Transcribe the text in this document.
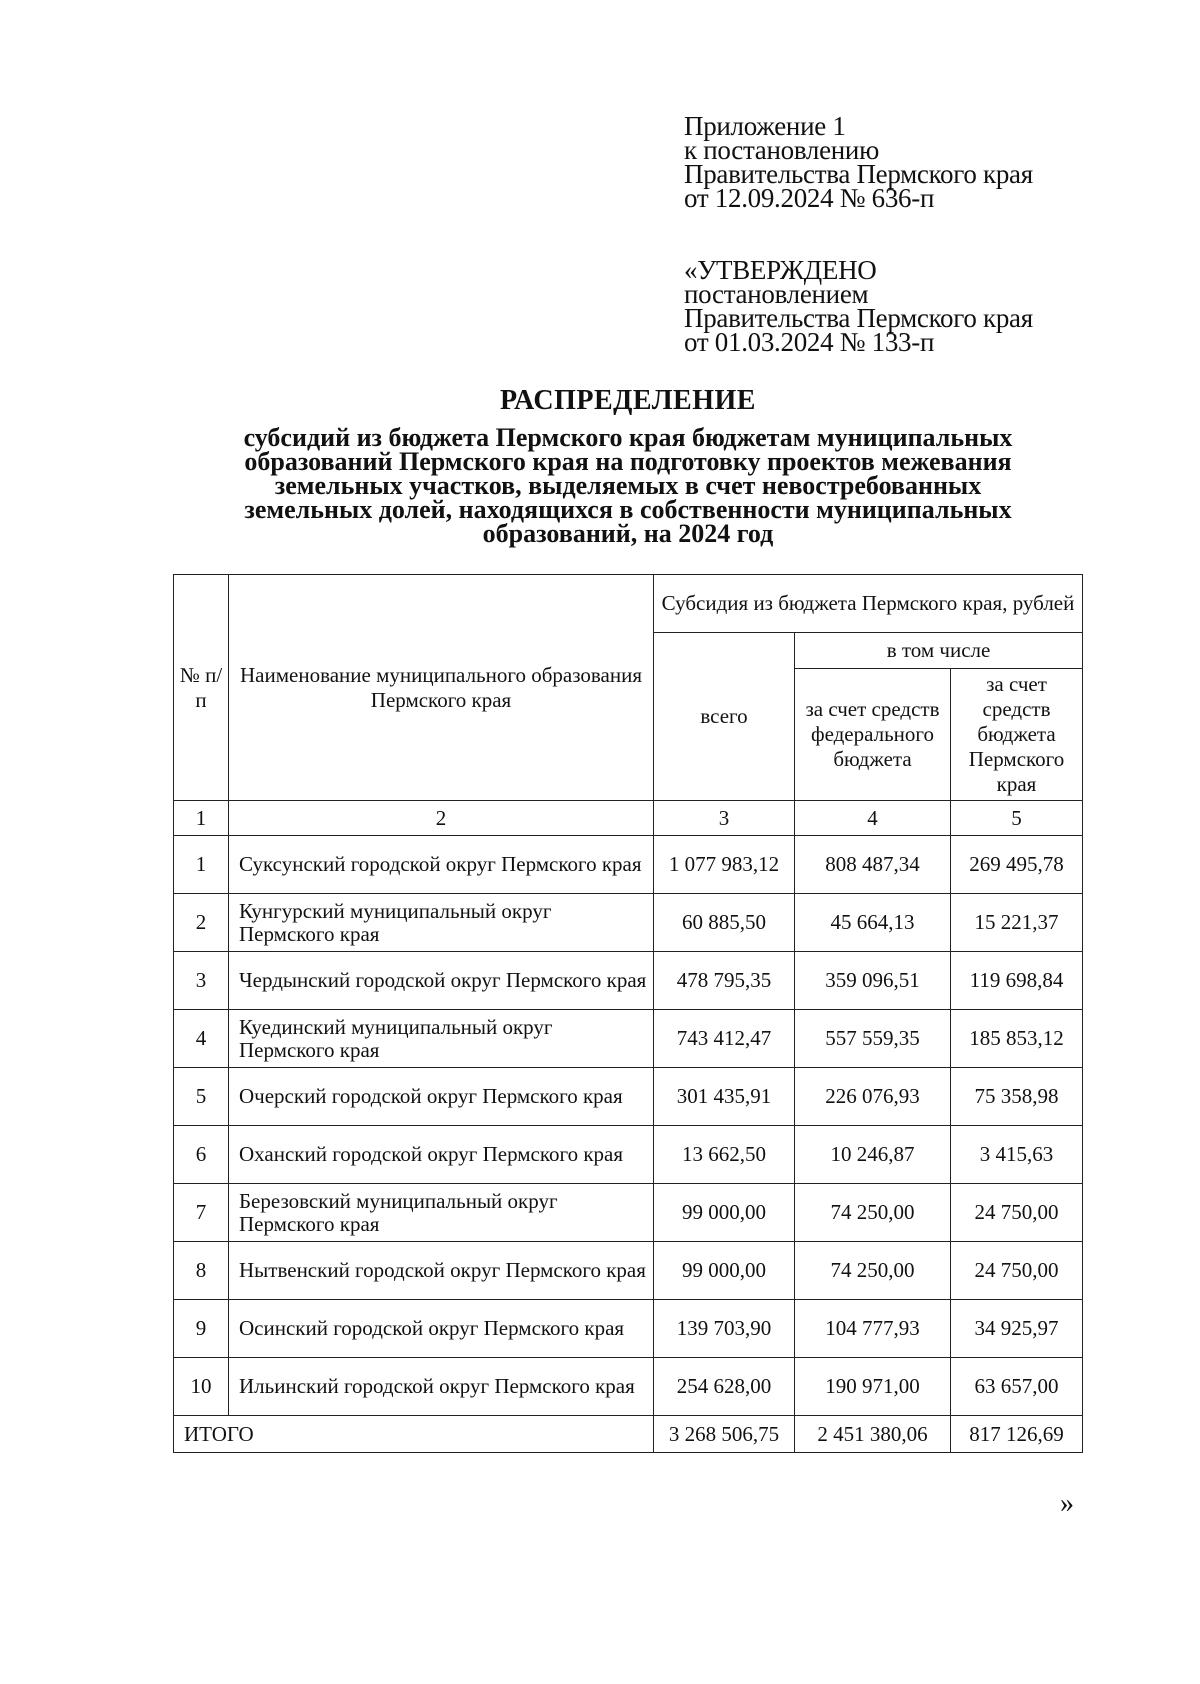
Приложение 1
к постановлению
Правительства Пермского края
от 12.09.2024 № 636-п
«УТВЕРЖДЕНО
постановлением
Правительства Пермского края
от 01.03.2024 № 133-п
РАСПРЕДЕЛЕНИЕ
субсидий из бюджета Пермского края бюджетам муниципальных
образований Пермского края на подготовку проектов межевания
земельных участков, выделяемых в счет невостребованных
земельных долей, находящихся в собственности муниципальных
образований, на 2024 год
№ п/п	Наименование муниципального образования Пермского края	Субсидия из бюджета Пермского края, рублей		
		всего	в том числе	
			за счет средств федерального бюджета	за счет средств бюджета Пермского края
1	2	3	4	5
1	Суксунский городской округ Пермского края	1 077 983,12	808 487,34	269 495,78
2	Кунгурский муниципальный округ Пермского края	60 885,50	45 664,13	15 221,37
3	Чердынский городской округ Пермского края	478 795,35	359 096,51	119 698,84
4	Куединский муниципальный округ Пермского края	743 412,47	557 559,35	185 853,12
5	Очерский городской округ Пермского края	301 435,91	226 076,93	75 358,98
6	Оханский городской округ Пермского края	13 662,50	10 246,87	3 415,63
7	Березовский муниципальный округ Пермского края	99 000,00	74 250,00	24 750,00
8	Нытвенский городской округ Пермского края	99 000,00	74 250,00	24 750,00
9	Осинский городской округ Пермского края	139 703,90	104 777,93	34 925,97
10	Ильинский городской округ Пермского края	254 628,00	190 971,00	63 657,00
ИТОГО		3 268 506,75	2 451 380,06	817 126,69
»
